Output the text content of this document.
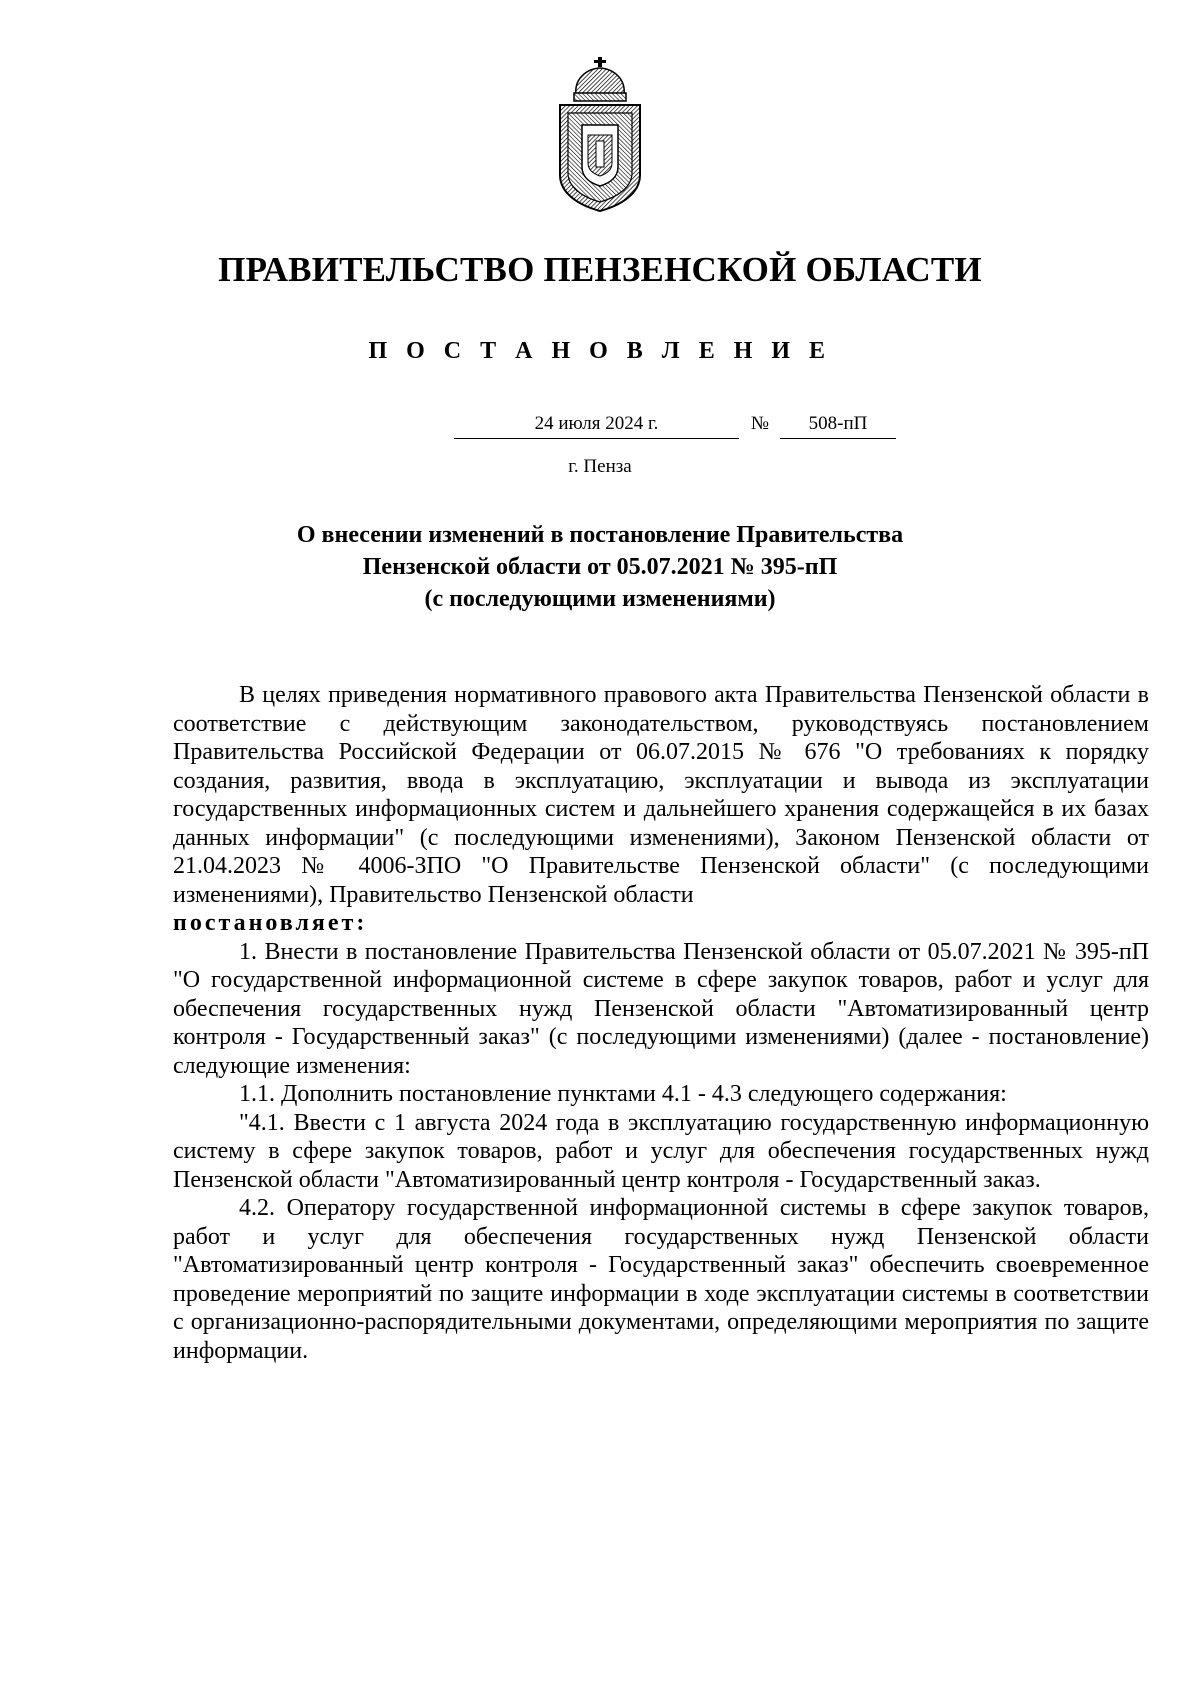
ПРАВИТЕЛЬСТВО ПЕНЗЕНСКОЙ ОБЛАСТИ
П О С Т А Н О В Л Е Н И Е
24 июля 2024 г.	№	508-пП
г. Пенза
О внесении изменений в постановление Правительства
Пензенской области от 05.07.2021 № 395-пП
(с последующими изменениями)

В целях приведения нормативного правового акта Правительства Пензенской области в соответствие с действующим законодательством, руководствуясь постановлением Правительства Российской Федерации от 06.07.2015 № 676 "О требованиях к порядку создания, развития, ввода в эксплуатацию, эксплуатации и вывода из эксплуатации государственных информационных систем и дальнейшего хранения содержащейся в их базах данных информации" (с последующими изменениями), Законом Пензенской области от 21.04.2023 № 4006-ЗПО "О Правительстве Пензенской области" (с последующими изменениями), Правительство Пензенской области

постановляет:

1. Внести в постановление Правительства Пензенской области от 05.07.2021 № 395-пП "О государственной информационной системе в сфере закупок товаров, работ и услуг для обеспечения государственных нужд Пензенской области "Автоматизированный центр контроля - Государственный заказ" (с последующими изменениями) (далее - постановление) следующие изменения:

1.1. Дополнить постановление пунктами 4.1 - 4.3 следующего содержания:

"4.1. Ввести с 1 августа 2024 года в эксплуатацию государственную информационную систему в сфере закупок товаров, работ и услуг для обеспечения государственных нужд Пензенской области "Автоматизированный центр контроля - Государственный заказ.

4.2. Оператору государственной информационной системы в сфере закупок товаров, работ и услуг для обеспечения государственных нужд Пензенской области "Автоматизированный центр контроля - Государственный заказ" обеспечить своевременное проведение мероприятий по защите информации в ходе эксплуатации системы в соответствии с организационно-распорядительными документами, определяющими мероприятия по защите информации.
